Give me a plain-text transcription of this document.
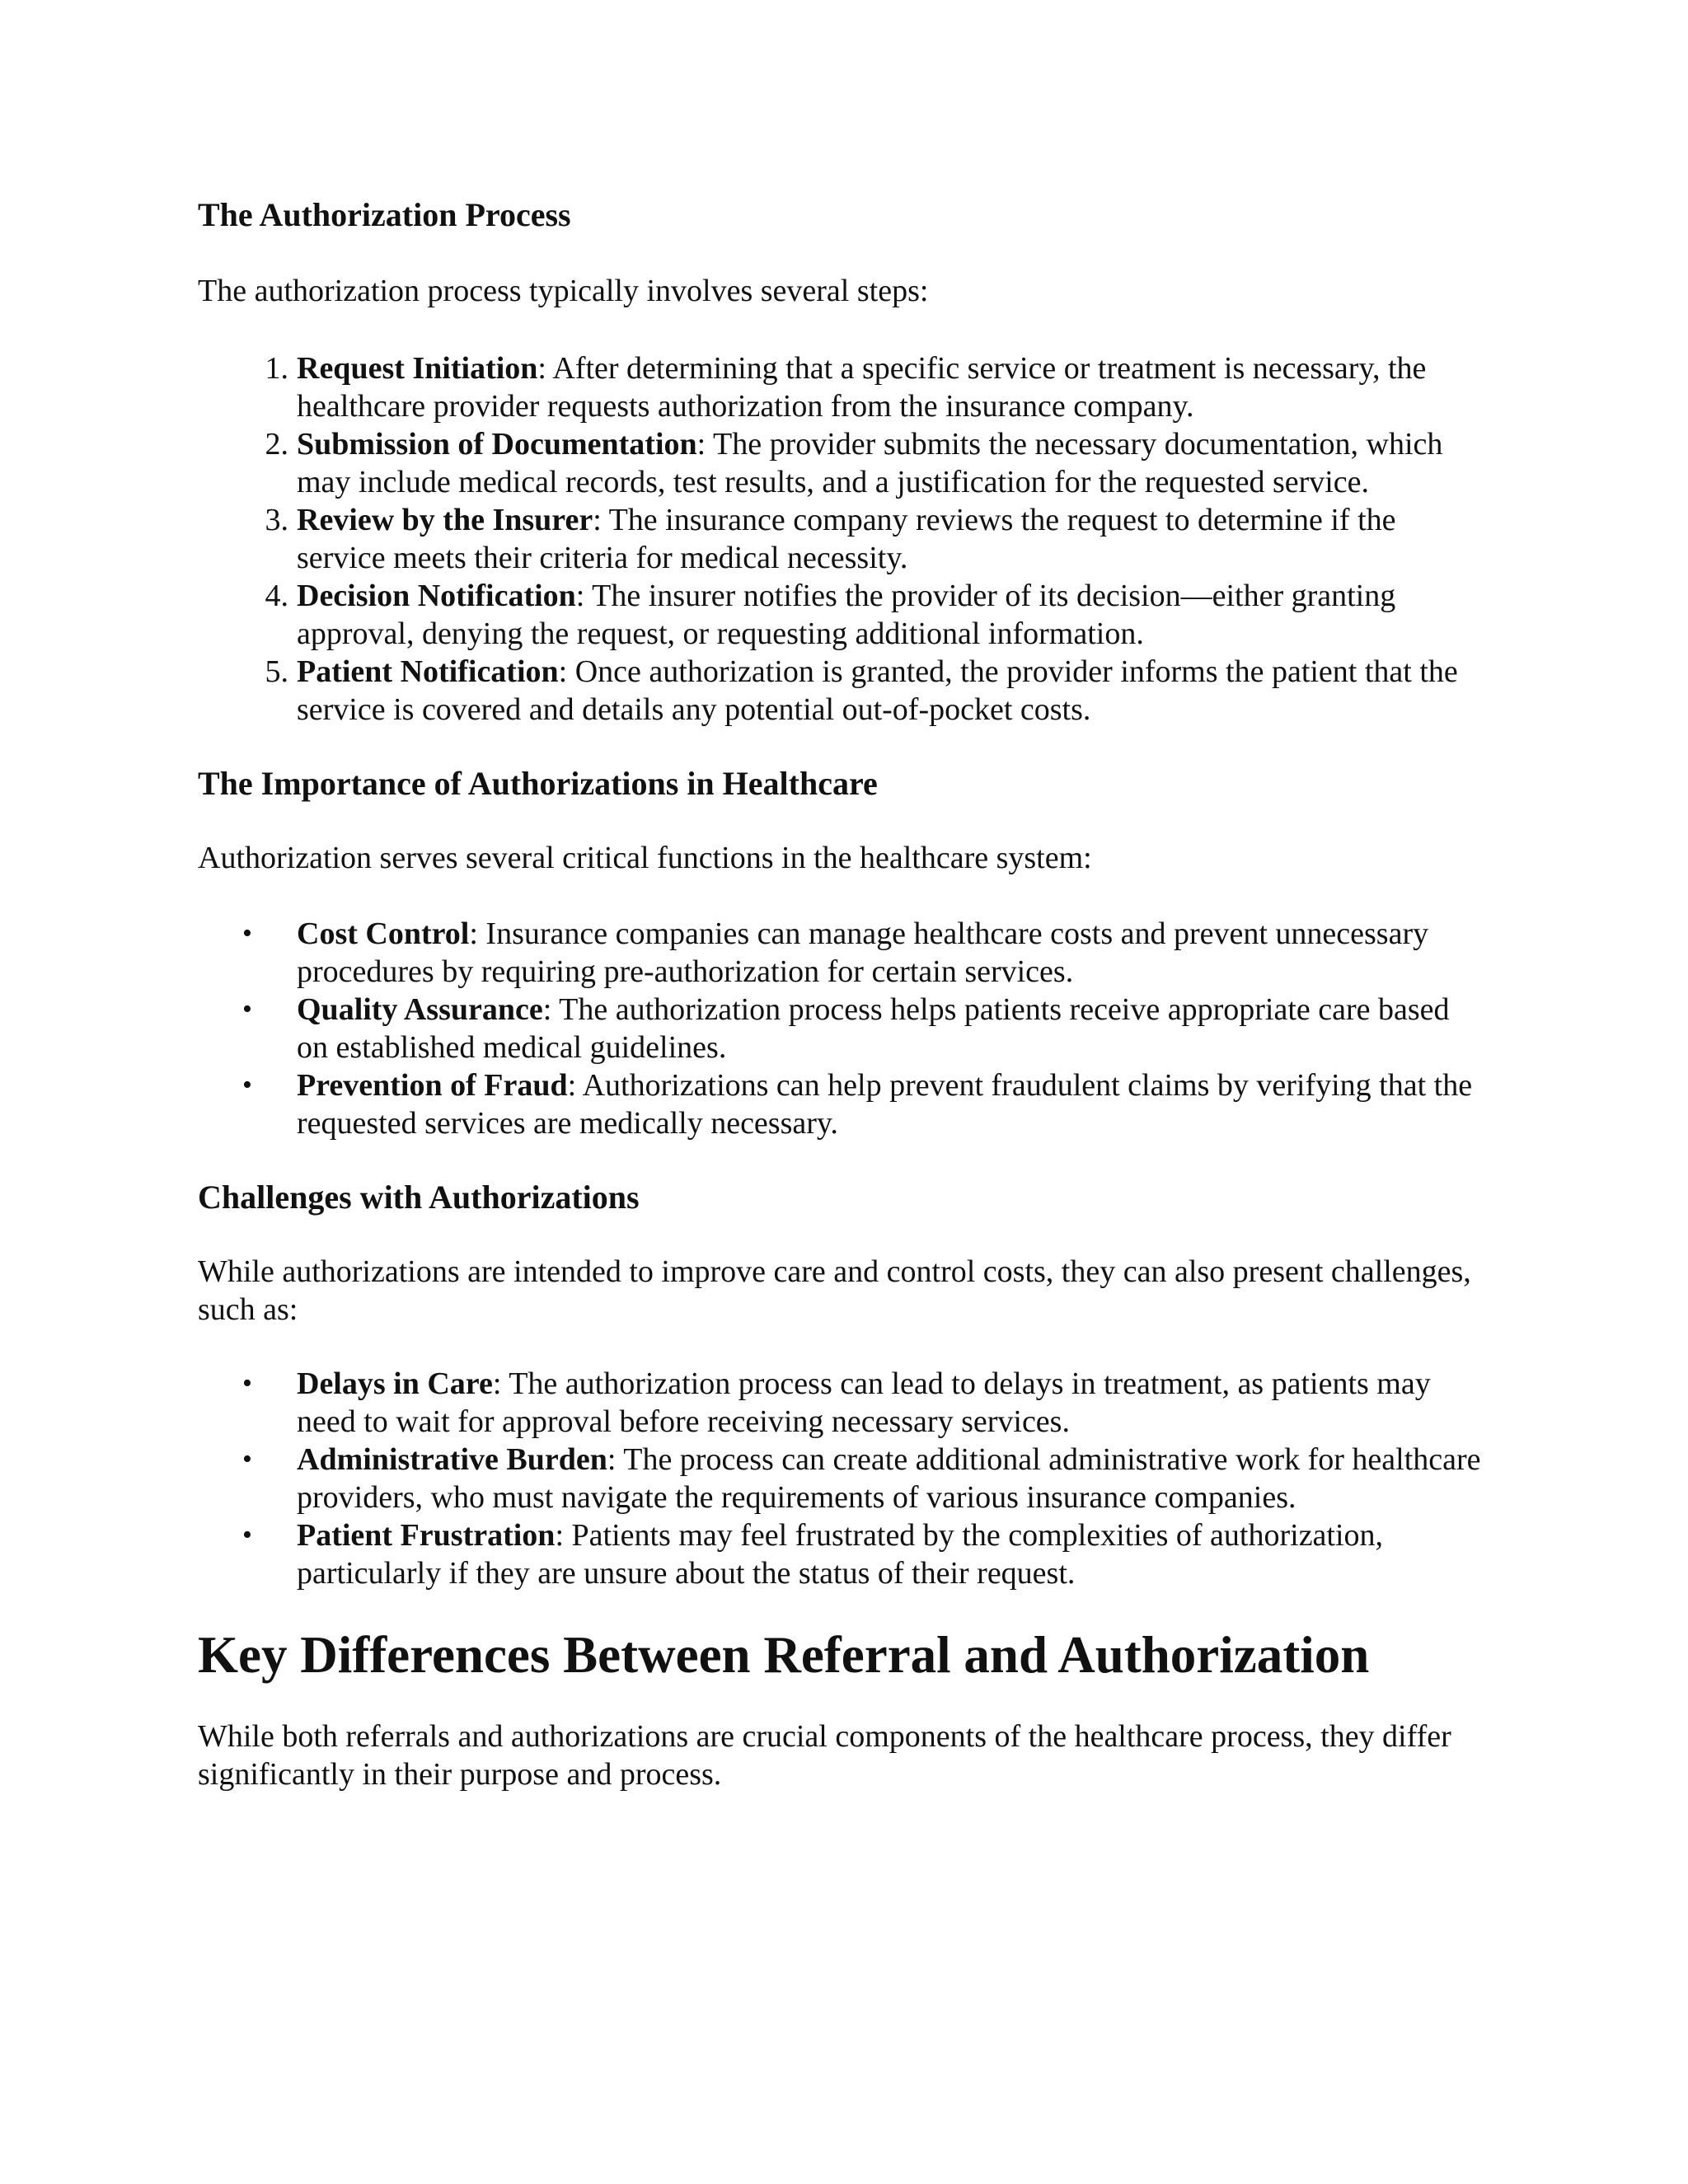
The Authorization Process

The authorization process typically involves several steps:

1. Request Initiation: After determining that a specific service or treatment is necessary, the healthcare provider requests authorization from the insurance company.
2. Submission of Documentation: The provider submits the necessary documentation, which may include medical records, test results, and a justification for the requested service.
3. Review by the Insurer: The insurance company reviews the request to determine if the service meets their criteria for medical necessity.
4. Decision Notification: The insurer notifies the provider of its decision—either granting approval, denying the request, or requesting additional information.
5. Patient Notification: Once authorization is granted, the provider informs the patient that the service is covered and details any potential out-of-pocket costs.
The Importance of Authorizations in Healthcare

Authorization serves several critical functions in the healthcare system:

•	Cost Control: Insurance companies can manage healthcare costs and prevent unnecessary procedures by requiring pre-authorization for certain services.
•	Quality Assurance: The authorization process helps patients receive appropriate care based on established medical guidelines.
•	Prevention of Fraud: Authorizations can help prevent fraudulent claims by verifying that the requested services are medically necessary.
Challenges with Authorizations

While authorizations are intended to improve care and control costs, they can also present challenges, such as:

•	Delays in Care: The authorization process can lead to delays in treatment, as patients may need to wait for approval before receiving necessary services.
•	Administrative Burden: The process can create additional administrative work for healthcare providers, who must navigate the requirements of various insurance companies.
•	Patient Frustration: Patients may feel frustrated by the complexities of authorization, particularly if they are unsure about the status of their request.
Key Differences Between Referral and Authorization

While both referrals and authorizations are crucial components of the healthcare process, they differ significantly in their purpose and process.
